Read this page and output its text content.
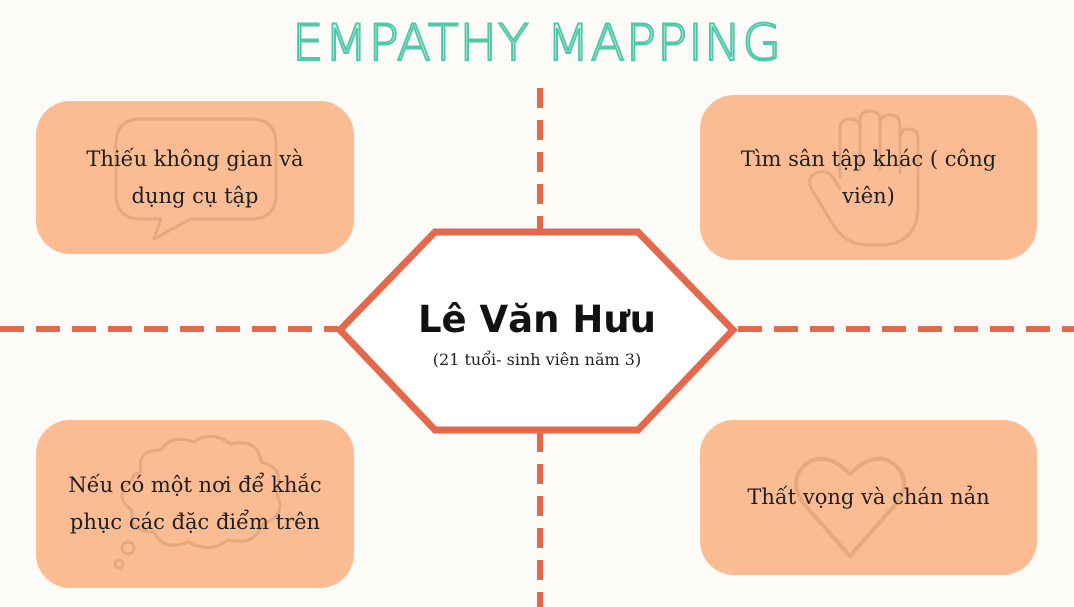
EMPATHY MAPPING
Thiếu không gian và
dụng cụ tập
Tìm sân tập khác ( công viên)
Nếu có một nơi để khắc
phục các đặc điểm trên
Thất vọng và chán nản
Lê Văn Hưu
(21 tuổi- sinh viên năm 3)
